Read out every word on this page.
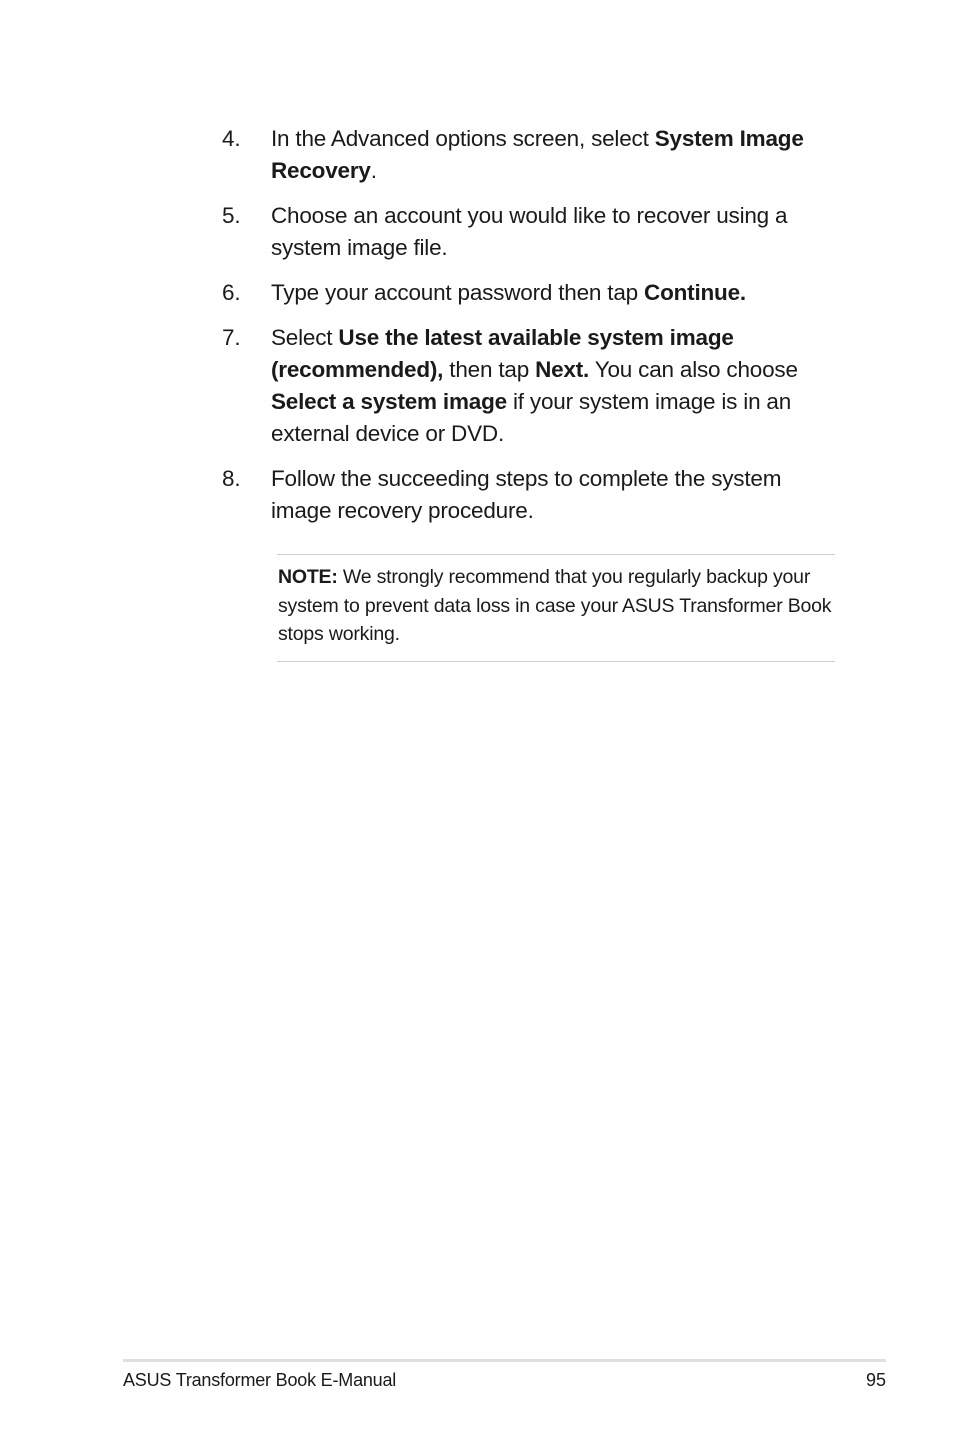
4. In the Advanced options screen, select System Image Recovery.
5. Choose an account you would like to recover using a system image file.
6. Type your account password then tap Continue.
7. Select Use the latest available system image (recommended), then tap Next. You can also choose Select a system image if your system image is in an external device or DVD.
8. Follow the succeeding steps to complete the system image recovery procedure.
NOTE: We strongly recommend that you regularly backup your system to prevent data loss in case your ASUS Transformer Book stops working.
ASUS Transformer Book E-Manual	95
